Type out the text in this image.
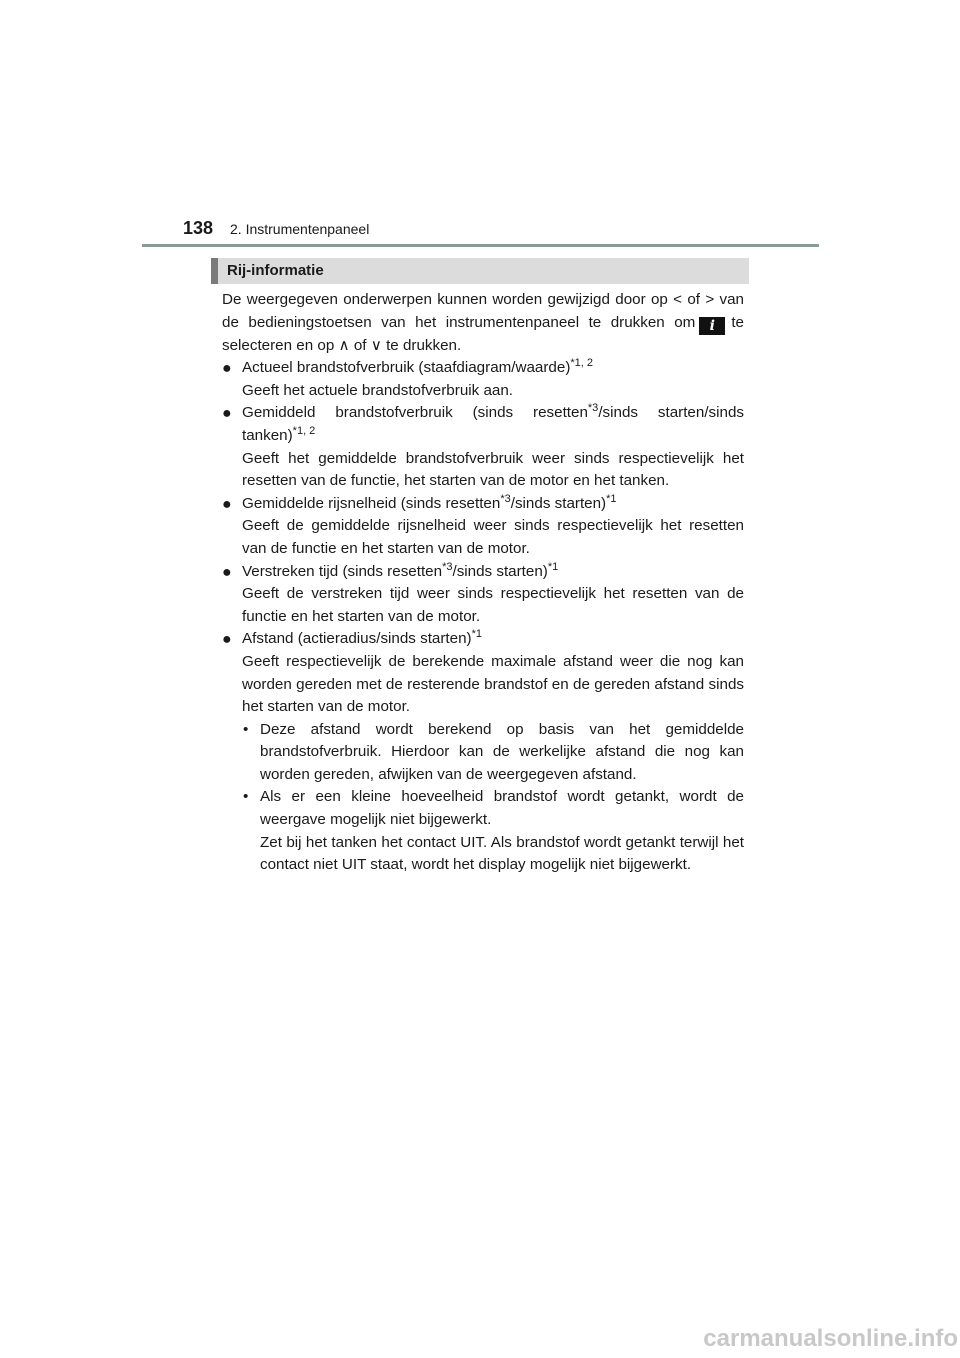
138 2. Instrumentenpaneel
Rij-informatie

De weergegeven onderwerpen kunnen worden gewijzigd door op < of > van de bedieningstoetsen van het instrumentenpaneel te drukken om i te selecteren en op ∧ of ∨ te drukken.

● Actueel brandstofverbruik (staafdiagram/waarde)$^{*1, 2}$

Geeft het actuele brandstofverbruik aan.

● Gemiddeld brandstofverbruik (sinds resetten$^{*3}$/sinds starten/sinds tanken)$^{*1, 2}$

Geeft het gemiddelde brandstofverbruik weer sinds respectievelijk het resetten van de functie, het starten van de motor en het tanken.

● Gemiddelde rijsnelheid (sinds resetten$^{*3}$/sinds starten)$^{*1}$

Geeft de gemiddelde rijsnelheid weer sinds respectievelijk het resetten van de functie en het starten van de motor.

● Verstreken tijd (sinds resetten$^{*3}$/sinds starten)$^{*1}$

Geeft de verstreken tijd weer sinds respectievelijk het resetten van de functie en het starten van de motor.

● Afstand (actieradius/sinds starten)$^{*1}$

Geeft respectievelijk de berekende maximale afstand weer die nog kan worden gereden met de resterende brandstof en de gereden afstand sinds het starten van de motor.

• Deze afstand wordt berekend op basis van het gemiddelde brandstofverbruik. Hierdoor kan de werkelijke afstand die nog kan worden gereden, afwijken van de weergegeven afstand.

• Als er een kleine hoeveelheid brandstof wordt getankt, wordt de weergave mogelijk niet bijgewerkt.

Zet bij het tanken het contact UIT. Als brandstof wordt getankt terwijl het contact niet UIT staat, wordt het display mogelijk niet bijgewerkt.

carmanualsonline.info
